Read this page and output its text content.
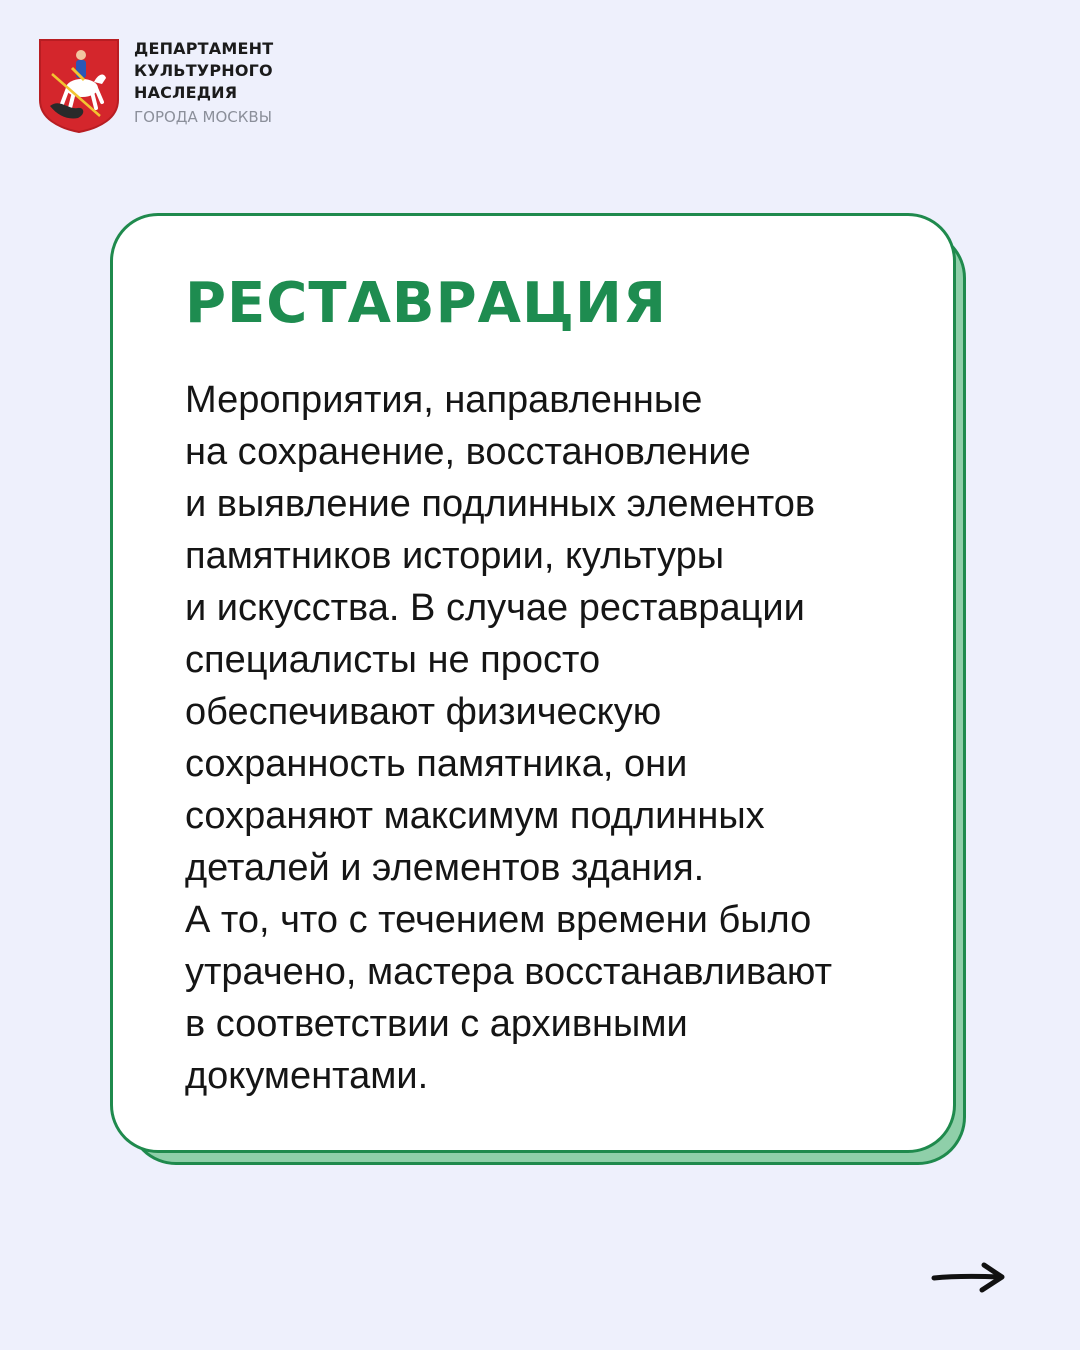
ДЕПАРТАМЕНТ
КУЛЬТУРНОГО
НАСЛЕДИЯ
ГОРОДА МОСКВЫ
РЕСТАВРАЦИЯ

Мероприятия, направленные
на сохранение, восстановление
и выявление подлинных элементов
памятников истории, культуры
и искусства. В случае реставрации
специалисты не просто
обеспечивают физическую
сохранность памятника, они
сохраняют максимум подлинных
деталей и элементов здания.
А то, что с течением времени было
утрачено, мастера восстанавливают
в соответствии с архивными
документами.
